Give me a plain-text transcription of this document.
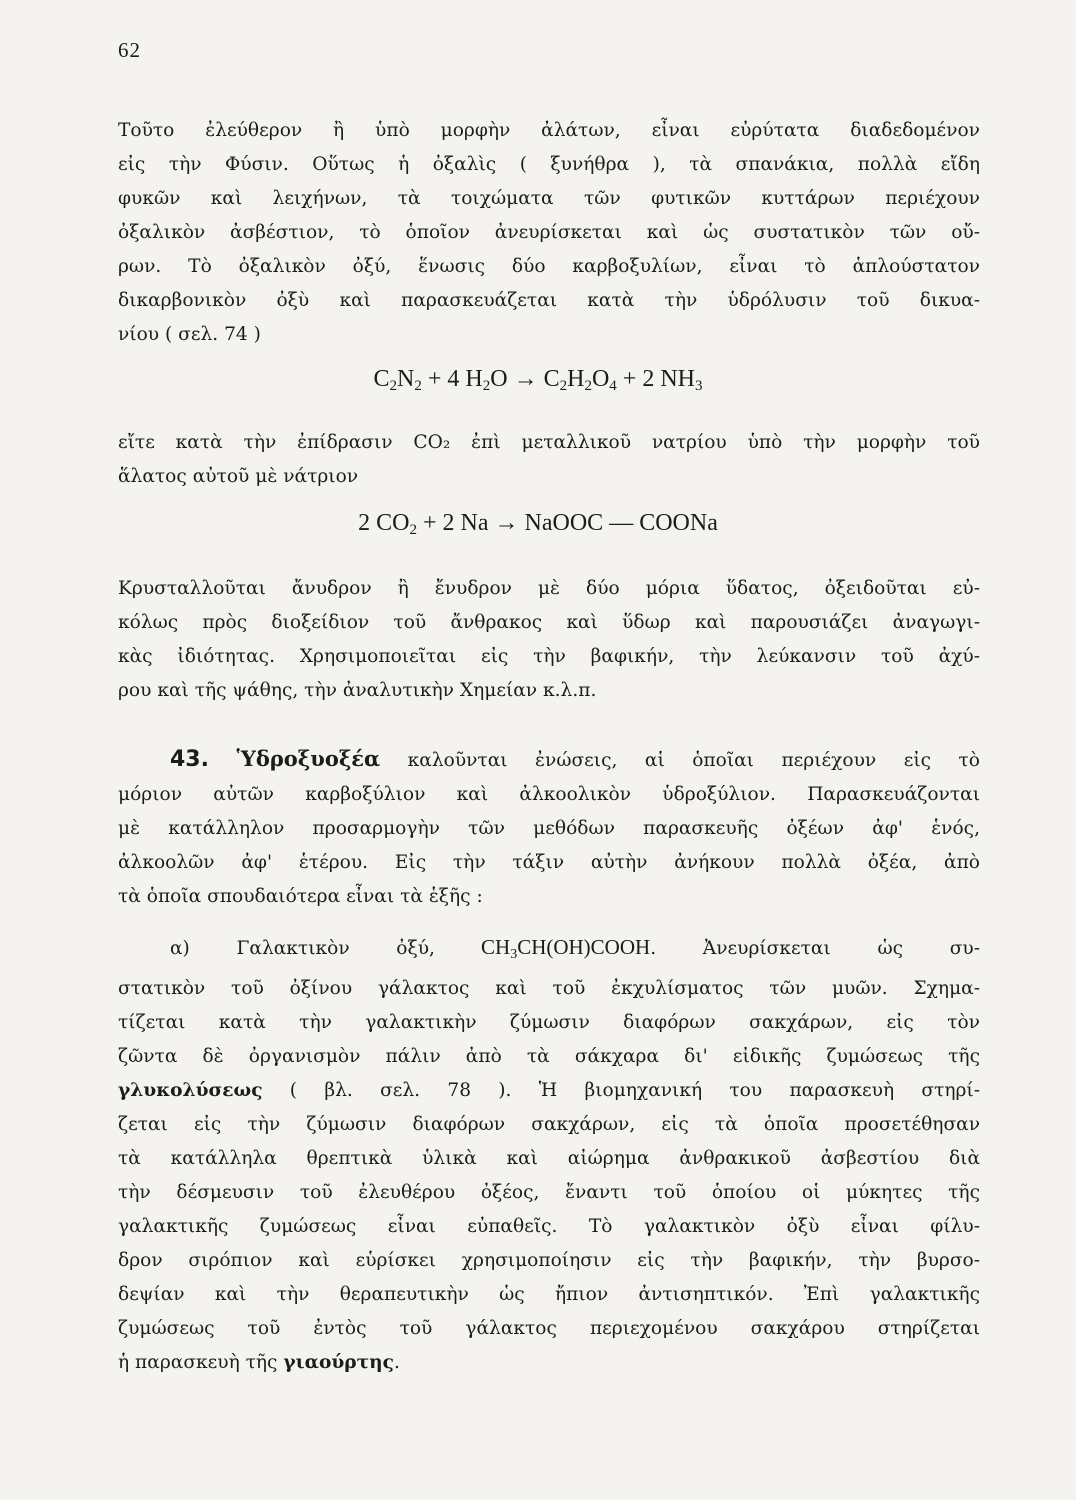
62
Τοῦτο ἐλεύθερον ἢ ὑπὸ μορφὴν ἀλάτων, εἶναι εὐρύτατα διαδεδομένον
εἰς τὴν Φύσιν. Οὕτως ἡ ὀξαλὶς ( ξυνήθρα ), τὰ σπανάκια, πολλὰ εἴδη
φυκῶν καὶ λειχήνων, τὰ τοιχώματα τῶν φυτικῶν κυττάρων περιέχουν
ὀξαλικὸν ἀσβέστιον, τὸ ὁποῖον ἀνευρίσκεται καὶ ὡς συστατικὸν τῶν οὔ-
ρων. Τὸ ὀξαλικὸν ὀξύ, ἕνωσις δύο καρβοξυλίων, εἶναι τὸ ἁπλούστατον
δικαρβονικὸν ὀξὺ καὶ παρασκευάζεται κατὰ τὴν ὑδρόλυσιν τοῦ δικυα-
νίου ( σελ. 74 )
$C_2N_2 + 4$ $H_2O \to C_2H_2O_4 + 2$ $NH_3$
εἴτε κατὰ τὴν ἐπίδρασιν CO₂ ἐπὶ μεταλλικοῦ νατρίου ὑπὸ τὴν μορφὴν τοῦ
ἅλατος αὐτοῦ μὲ νάτριον
2 $CO_2 + 2$ Na → NaOOC — COONa
Κρυσταλλοῦται ἄνυδρον ἢ ἔνυδρον μὲ δύο μόρια ὕδατος, ὀξειδοῦται εὐ-
κόλως πρὸς διοξείδιον τοῦ ἄνθρακος καὶ ὕδωρ καὶ παρουσιάζει ἀναγωγι-
κὰς ἰδιότητας. Χρησιμοποιεῖται εἰς τὴν βαφικήν, τὴν λεύκανσιν τοῦ ἀχύ-
ρου καὶ τῆς ψάθης, τὴν ἀναλυτικὴν Χημείαν κ.λ.π.
43. Ὑδροξυοξέα καλοῦνται ἐνώσεις, αἱ ὁποῖαι περιέχουν εἰς τὸ
μόριον αὐτῶν καρβοξύλιον καὶ ἀλκοολικὸν ὑδροξύλιον. Παρασκευάζονται
μὲ κατάλληλον προσαρμογὴν τῶν μεθόδων παρασκευῆς ὀξέων ἀφ' ἑνός,
ἀλκοολῶν ἀφ' ἑτέρου. Εἰς τὴν τάξιν αὐτὴν ἀνήκουν πολλὰ ὀξέα, ἀπὸ
τὰ ὁποῖα σπουδαιότερα εἶναι τὰ ἑξῆς :
α) Γαλακτικὸν ὀξύ, $CH_3CH(OH)COOH$. Ἀνευρίσκεται ὡς συ-
στατικὸν τοῦ ὀξίνου γάλακτος καὶ τοῦ ἐκχυλίσματος τῶν μυῶν. Σχημα-
τίζεται κατὰ τὴν γαλακτικὴν ζύμωσιν διαφόρων σακχάρων, εἰς τὸν
ζῶντα δὲ ὀργανισμὸν πάλιν ἀπὸ τὰ σάκχαρα δι' εἰδικῆς ζυμώσεως τῆς
γλυκολύσεως ( βλ. σελ. 78 ). Ἡ βιομηχανική του παρασκευὴ στηρί-
ζεται εἰς τὴν ζύμωσιν διαφόρων σακχάρων, εἰς τὰ ὁποῖα προσετέθησαν
τὰ κατάλληλα θρεπτικὰ ὑλικὰ καὶ αἰώρημα ἀνθρακικοῦ ἀσβεστίου διὰ
τὴν δέσμευσιν τοῦ ἐλευθέρου ὀξέος, ἔναντι τοῦ ὁποίου οἱ μύκητες τῆς
γαλακτικῆς ζυμώσεως εἶναι εὐπαθεῖς. Τὸ γαλακτικὸν ὀξὺ εἶναι φίλυ-
δρον σιρόπιον καὶ εὑρίσκει χρησιμοποίησιν εἰς τὴν βαφικήν, τὴν βυρσο-
δεψίαν καὶ τὴν θεραπευτικὴν ὡς ἤπιον ἀντισηπτικόν. Ἐπὶ γαλακτικῆς
ζυμώσεως τοῦ ἐντὸς τοῦ γάλακτος περιεχομένου σακχάρου στηρίζεται
ἡ παρασκευὴ τῆς γιαούρτης.
